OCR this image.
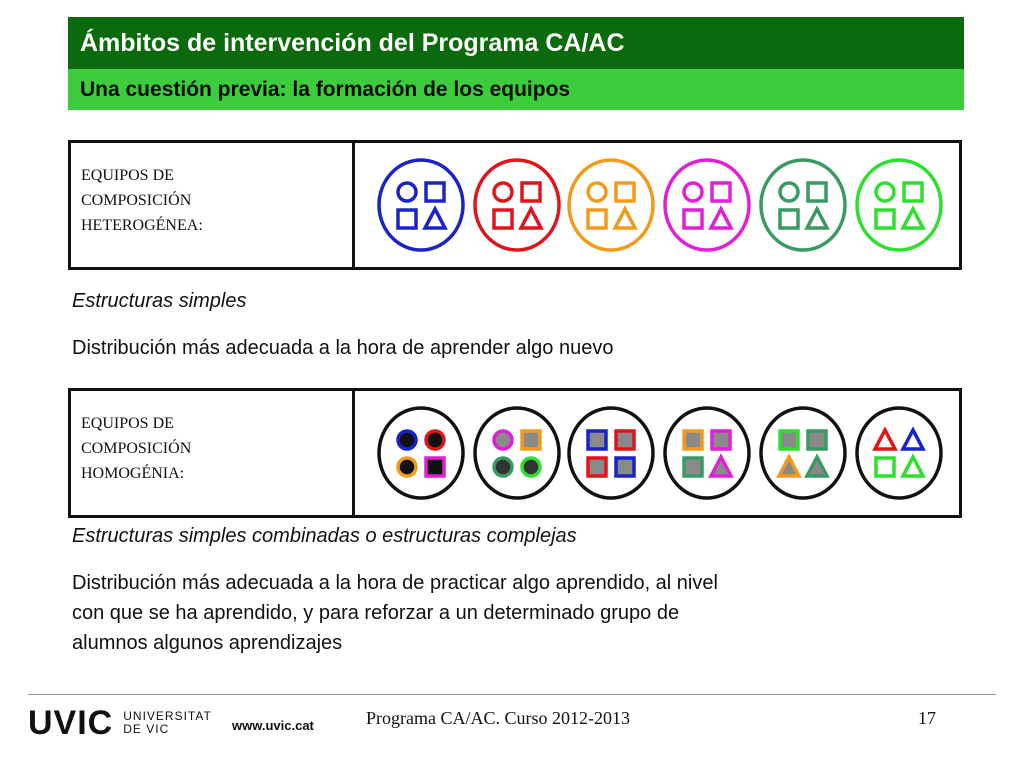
Ámbitos de intervención del Programa CA/AC
Una cuestión previa: la formación de los equipos
EQUIPOS DE
COMPOSICIÓN
HETEROGÉNEA:
Estructuras simples
Distribución más adecuada a la hora de aprender algo nuevo
EQUIPOS DE
COMPOSICIÓN
HOMOGÉNIA:
Estructuras simples combinadas o estructuras complejas
Distribución más adecuada a la hora de practicar algo aprendido, al nivel
con que se ha aprendido, y para reforzar a un determinado grupo de
alumnos algunos aprendizajes
UVIC UNIVERSITAT
DE VIC	www.uvic.cat	Programa CA/AC. Curso 2012-2013	17
